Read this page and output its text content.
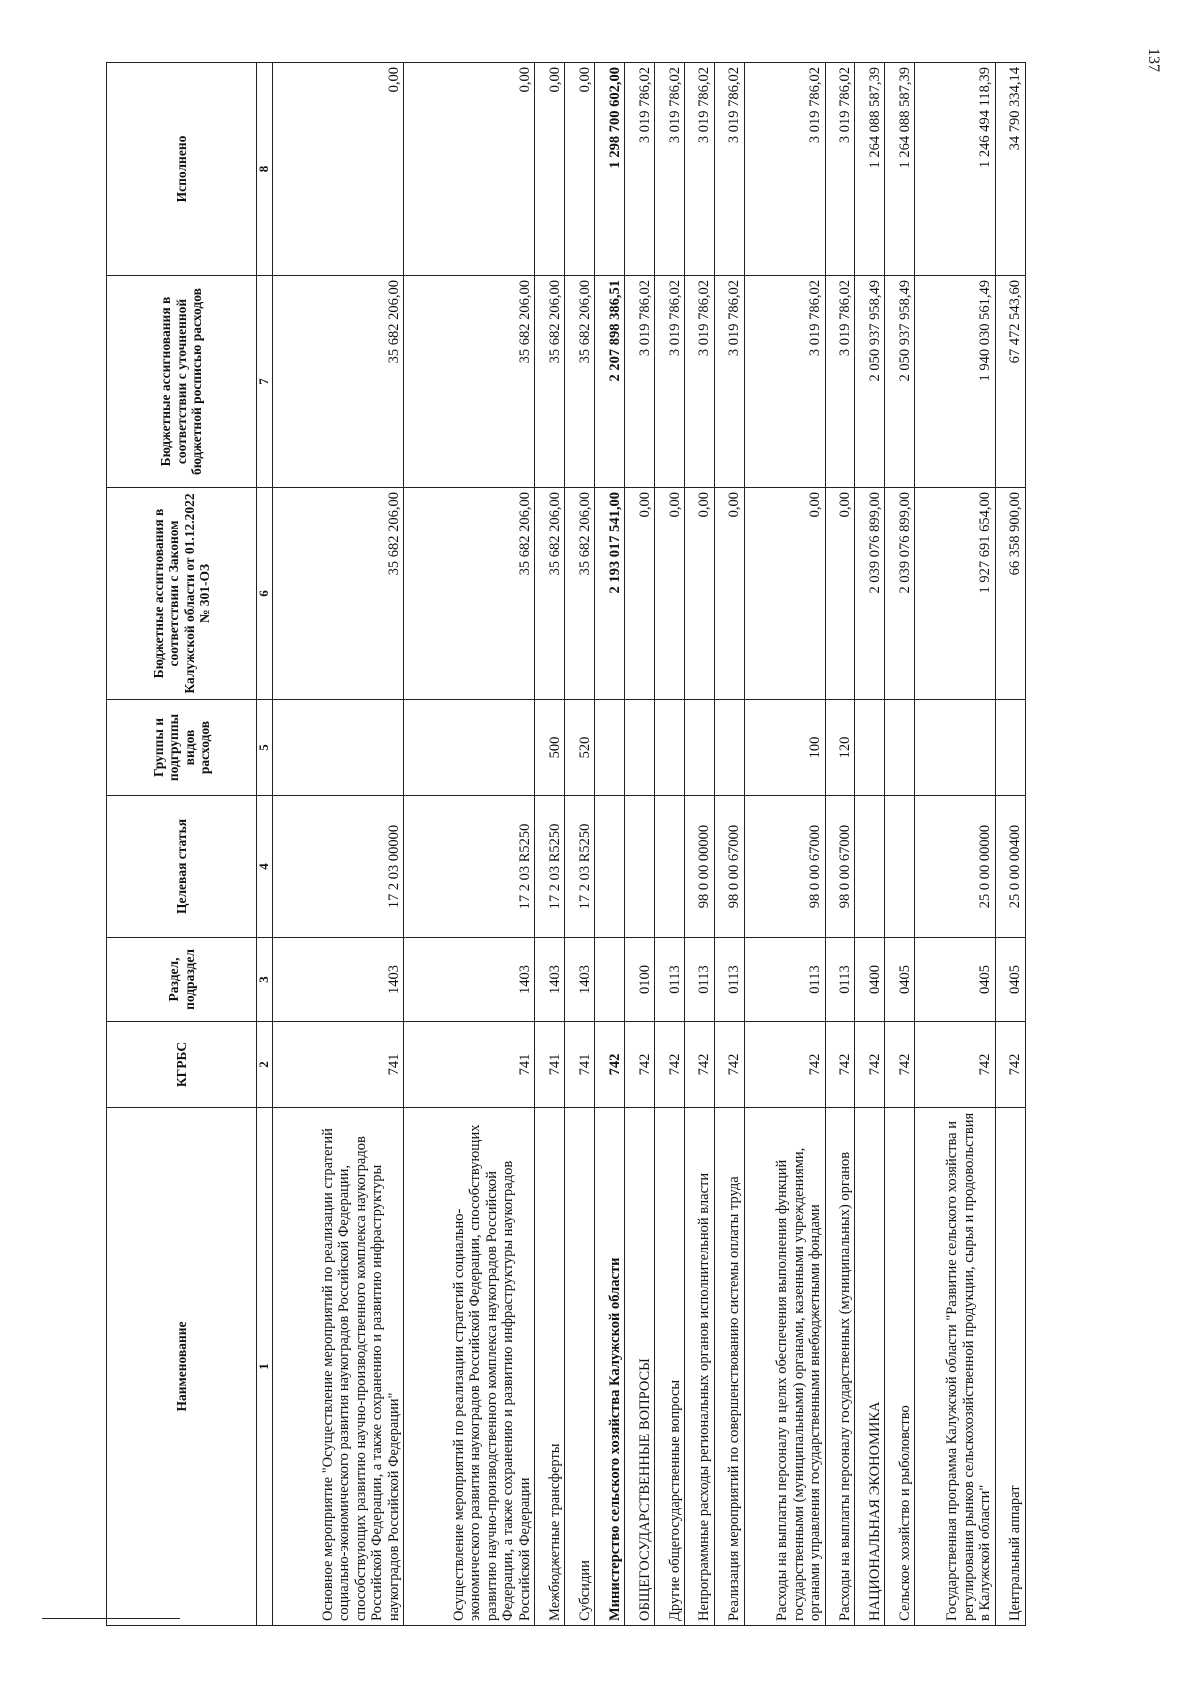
137
Наименование	КГРБС	Раздел, подраздел	Целевая статья	Группы и подгруппы видов расходов	Бюджетные ассигнования в соответствии с Законом Калужской области от 01.12.2022 № 301-ОЗ	Бюджетные ассигнования в соответствии с уточненной бюджетной росписью расходов	Исполнено
1	2	3	4	5	6	7	8
Основное мероприятие "Осуществление мероприятий по реализации стратегий социально-экономического развития наукоградов Российской Федерации, способствующих развитию научно-производственного комплекса наукоградов Российской Федерации, а также сохранению и развитию инфраструктуры наукоградов Российской Федерации"	741	1403	17 2 03 00000		35 682 206,00	35 682 206,00	0,00
Осуществление мероприятий по реализации стратегий социально-экономического развития наукоградов Российской Федерации, способствующих развитию научно-производственного комплекса наукоградов Российской Федерации, а также сохранению и развитию инфраструктуры наукоградов Российской Федерации	741	1403	17 2 03 R5250		35 682 206,00	35 682 206,00	0,00
Межбюджетные трансферты	741	1403	17 2 03 R5250	500	35 682 206,00	35 682 206,00	0,00
Субсидии	741	1403	17 2 03 R5250	520	35 682 206,00	35 682 206,00	0,00
Министерство сельского хозяйства Калужской области	742				2 193 017 541,00	2 207 898 386,51	1 298 700 602,00
ОБЩЕГОСУДАРСТВЕННЫЕ ВОПРОСЫ	742	0100			0,00	3 019 786,02	3 019 786,02
Другие общегосударственные вопросы	742	0113			0,00	3 019 786,02	3 019 786,02
Непрограммные расходы региональных органов исполнительной власти	742	0113	98 0 00 00000		0,00	3 019 786,02	3 019 786,02
Реализация мероприятий по совершенствованию системы оплаты труда	742	0113	98 0 00 67000		0,00	3 019 786,02	3 019 786,02
Расходы на выплаты персоналу в целях обеспечения выполнения функций государственными (муниципальными) органами, казенными учреждениями, органами управления государственными внебюджетными фондами	742	0113	98 0 00 67000	100	0,00	3 019 786,02	3 019 786,02
Расходы на выплаты персоналу государственных (муниципальных) органов	742	0113	98 0 00 67000	120	0,00	3 019 786,02	3 019 786,02
НАЦИОНАЛЬНАЯ ЭКОНОМИКА	742	0400			2 039 076 899,00	2 050 937 958,49	1 264 088 587,39
Сельское хозяйство и рыболовство	742	0405			2 039 076 899,00	2 050 937 958,49	1 264 088 587,39
Государственная программа Калужской области "Развитие сельского хозяйства и регулирования рынков сельскохозяйственной продукции, сырья и продовольствия в Калужской области"	742	0405	25 0 00 00000		1 927 691 654,00	1 940 030 561,49	1 246 494 118,39
Центральный аппарат	742	0405	25 0 00 00400		66 358 900,00	67 472 543,60	34 790 334,14
